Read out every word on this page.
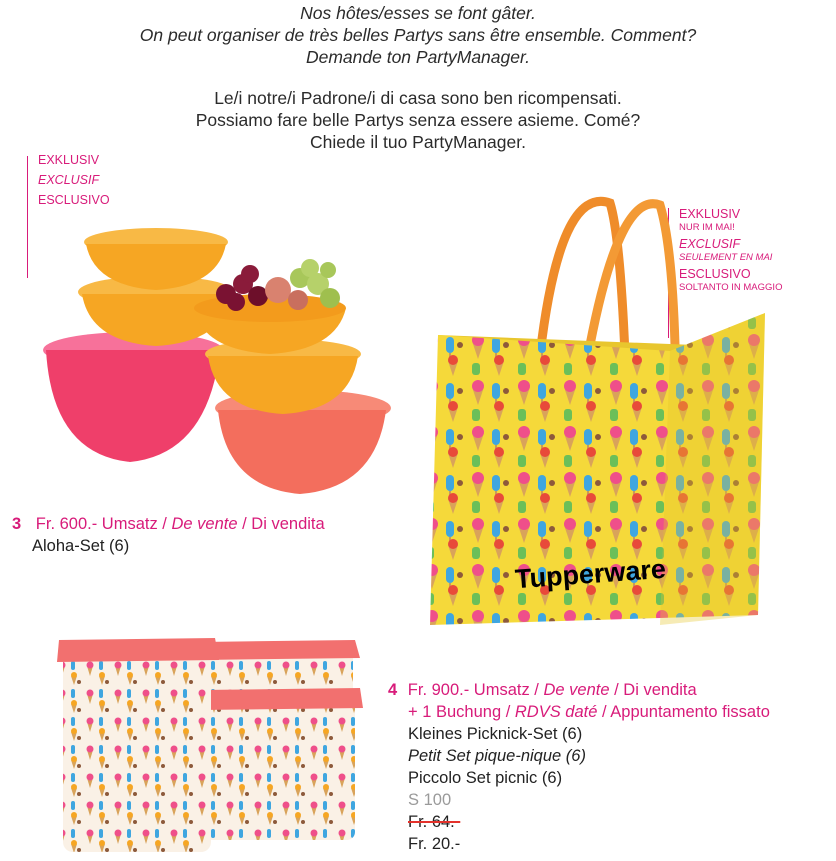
Nos hôtes/esses se font gâter.
On peut organiser de très belles Partys sans être ensemble. Comment?
Demande ton PartyManager.
Le/i notre/i Padrone/i di casa sono ben ricompensati.
Possiamo fare belle Partys senza essere asieme. Comé?
Chiede il tuo PartyManager.
EXKLUSIV
EXCLUSIF
ESCLUSIVO
EXKLUSIV
NUR IM MAI!
EXCLUSIF
SEULEMENT EN MAI
ESCLUSIVO
SOLTANTO IN MAGGIO
3 Fr. 600.- Umsatz / De vente / Di vendita
Aloha-Set (6)
Tupperware
4 Fr. 900.- Umsatz / De vente / Di vendita
+ 1 Buchung / RDVS daté / Appuntamento fissato
Kleines Picknick-Set (6)
Petit Set pique-nique (6)
Piccolo Set picnic (6)
S 100
Fr. 64.-
Fr. 20.-
